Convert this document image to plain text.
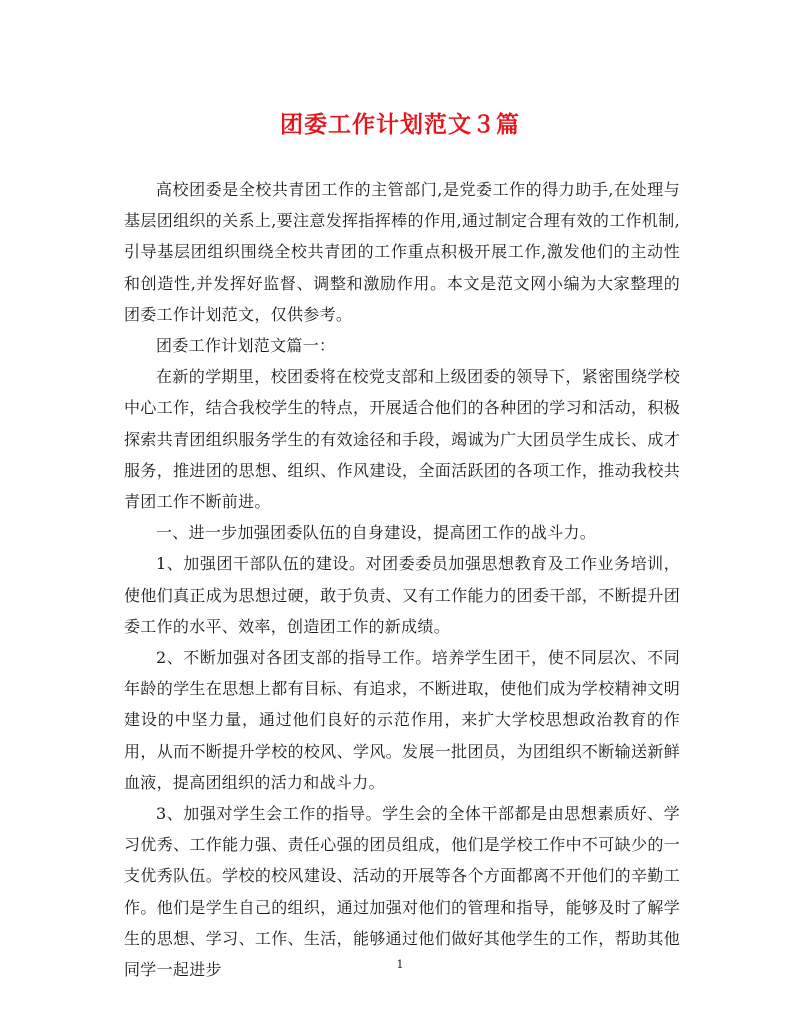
团委工作计划范文３篇

高校团委是全校共青团工作的主管部门,是党委工作的得力助手,在处理与基层团组织的关系上,要注意发挥指挥棒的作用,通过制定合理有效的工作机制,引导基层团组织围绕全校共青团的工作重点积极开展工作,激发他们的主动性和创造性,并发挥好监督、调整和激励作用。本文是范文网小编为大家整理的团委工作计划范文，仅供参考。

团委工作计划范文篇一：

在新的学期里，校团委将在校党支部和上级团委的领导下，紧密围绕学校中心工作，结合我校学生的特点，开展适合他们的各种团的学习和活动，积极探索共青团组织服务学生的有效途径和手段，竭诚为广大团员学生成长、成才服务，推进团的思想、组织、作风建设，全面活跃团的各项工作，推动我校共青团工作不断前进。

一、进一步加强团委队伍的自身建设，提高团工作的战斗力。

1、加强团干部队伍的建设。对团委委员加强思想教育及工作业务培训，使他们真正成为思想过硬，敢于负责、又有工作能力的团委干部，不断提升团委工作的水平、效率，创造团工作的新成绩。

2、不断加强对各团支部的指导工作。培养学生团干，使不同层次、不同年龄的学生在思想上都有目标、有追求，不断进取，使他们成为学校精神文明建设的中坚力量，通过他们良好的示范作用，来扩大学校思想政治教育的作用，从而不断提升学校的校风、学风。发展一批团员，为团组织不断输送新鲜血液，提高团组织的活力和战斗力。

3、加强对学生会工作的指导。学生会的全体干部都是由思想素质好、学习优秀、工作能力强、责任心强的团员组成，他们是学校工作中不可缺少的一支优秀队伍。学校的校风建设、活动的开展等各个方面都离不开他们的辛勤工作。他们是学生自己的组织，通过加强对他们的管理和指导，能够及时了解学生的思想、学习、工作、生活，能够通过他们做好其他学生的工作，帮助其他同学一起进步	1
